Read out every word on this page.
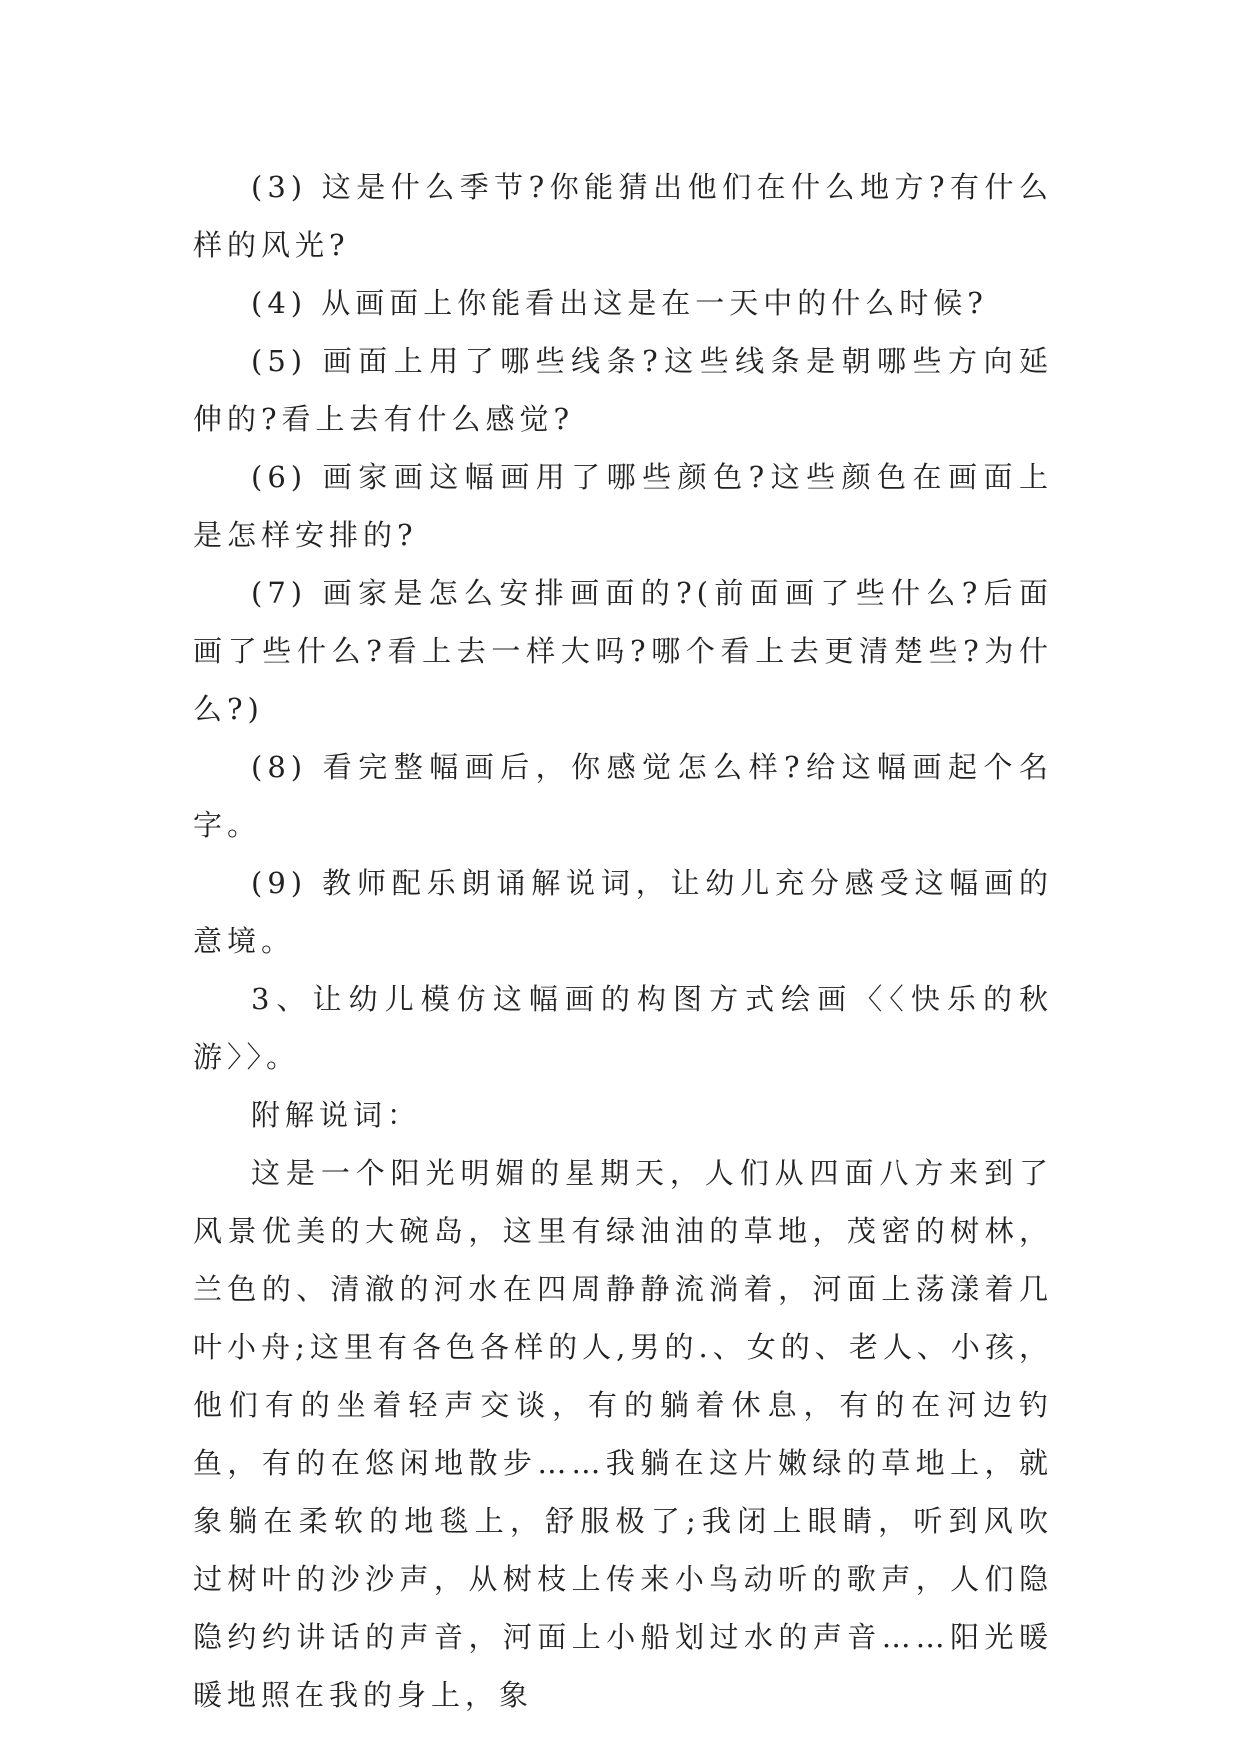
(3) 这是什么季节?你能猜出他们在什么地方?有什么样的风光?

(4) 从画面上你能看出这是在一天中的什么时候?

(5) 画面上用了哪些线条?这些线条是朝哪些方向延伸的?看上去有什么感觉?

(6) 画家画这幅画用了哪些颜色?这些颜色在画面上是怎样安排的?

(7) 画家是怎么安排画面的?(前面画了些什么?后面画了些什么?看上去一样大吗?哪个看上去更清楚些?为什么?)

(8) 看完整幅画后，你感觉怎么样?给这幅画起个名字。

(9) 教师配乐朗诵解说词，让幼儿充分感受这幅画的意境。

3、让幼儿模仿这幅画的构图方式绘画〈〈快乐的秋游〉〉。

附解说词：

这是一个阳光明媚的星期天，人们从四面八方来到了风景优美的大碗岛，这里有绿油油的草地，茂密的树林，兰色的、清澈的河水在四周静静流淌着，河面上荡漾着几叶小舟;这里有各色各样的人,男的.、女的、老人、小孩，他们有的坐着轻声交谈，有的躺着休息，有的在河边钓鱼，有的在悠闲地散步……我躺在这片嫩绿的草地上，就象躺在柔软的地毯上，舒服极了;我闭上眼睛，听到风吹过树叶的沙沙声，从树枝上传来小鸟动听的歌声，人们隐隐约约讲话的声音，河面上小船划过水的声音……阳光暖暖地照在我的身上，象
